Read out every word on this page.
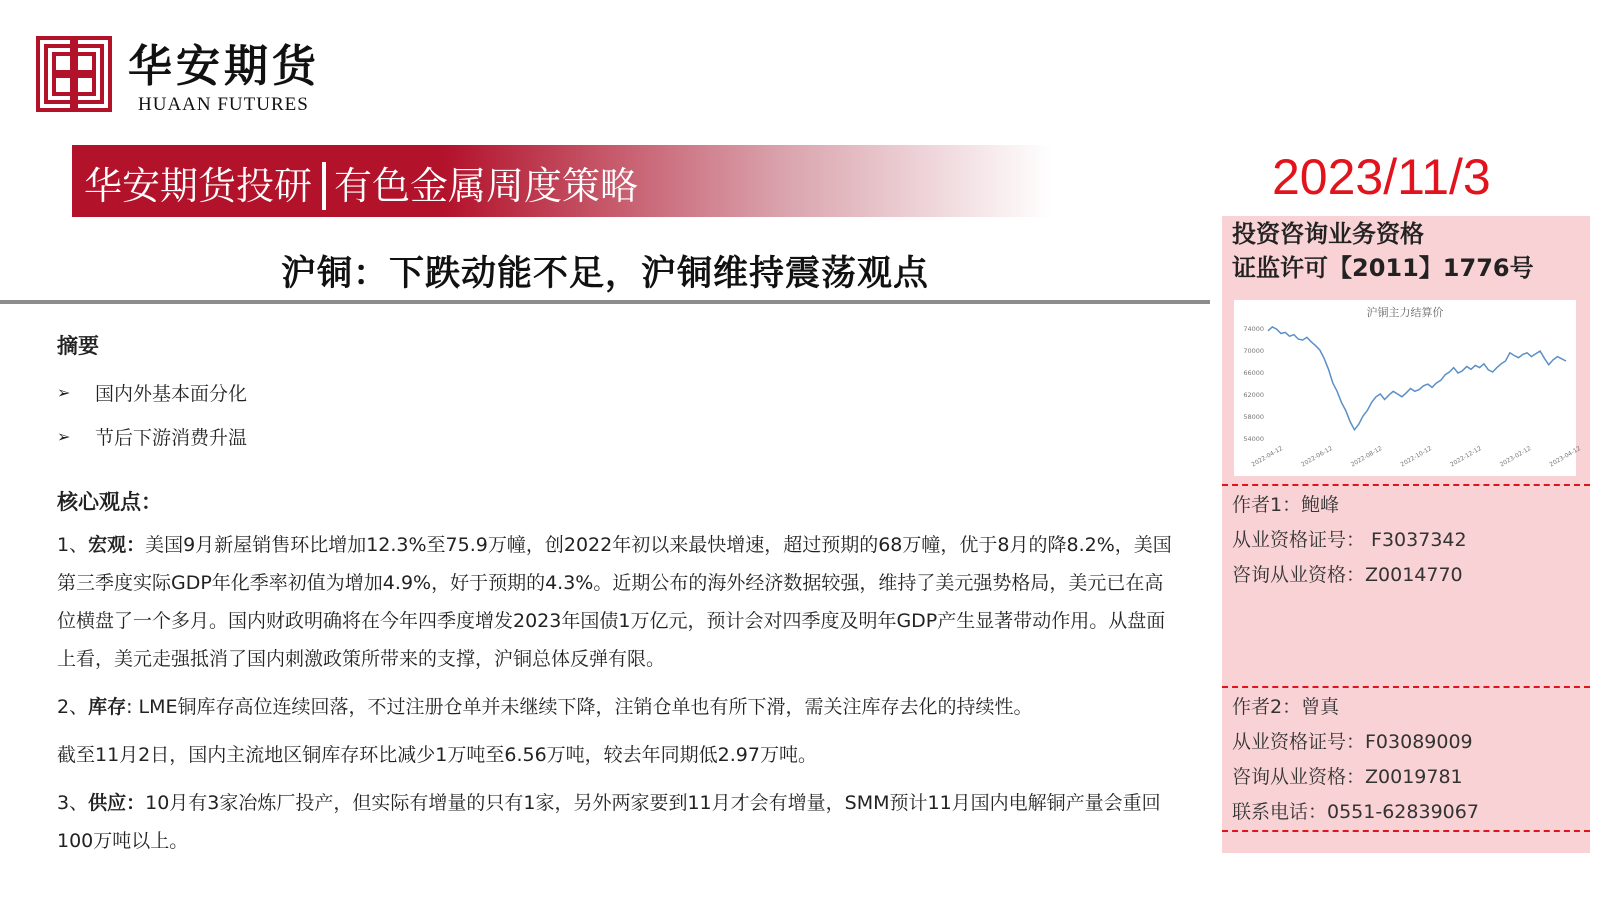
华安期货
HUAAN FUTURES
华安期货投研 有色金属周度策略	2023/11/3
沪铜：下跌动能不足，沪铜维持震荡观点
摘要
➢	国内外基本面分化
➢	节后下游消费升温
核心观点：
1、宏观：美国9月新屋销售环比增加12.3%至75.9万幢，创2022年初以来最快增速，超过预期的68万幢，优于8月的降8.2%，美国第三季度实际GDP年化季率初值为增加4.9%，好于预期的4.3%。近期公布的海外经济数据较强，维持了美元强势格局，美元已在高位横盘了一个多月。国内财政明确将在今年四季度增发2023年国债1万亿元，预计会对四季度及明年GDP产生显著带动作用。从盘面上看，美元走强抵消了国内刺激政策所带来的支撑，沪铜总体反弹有限。
2、库存: LME铜库存高位连续回落，不过注册仓单并未继续下降，注销仓单也有所下滑，需关注库存去化的持续性。
截至11月2日，国内主流地区铜库存环比减少1万吨至6.56万吨，较去年同期低2.97万吨。
3、供应：10月有3家冶炼厂投产，但实际有增量的只有1家，另外两家要到11月才会有增量，SMM预计11月国内电解铜产量会重回100万吨以上。
投资咨询业务资格
证监许可【2011】1776号
沪铜主力结算价
54000
58000
62000
66000
70000
74000
2022-04-12	2022-06-12	2022-08-12	2022-10-12	2022-12-12	2023-02-12	2023-04-12
作者1：鲍峰
从业资格证号： F3037342
咨询从业资格：Z0014770
作者2：曾真
从业资格证号：F03089009
咨询从业资格：Z0019781
联系电话：0551-62839067
